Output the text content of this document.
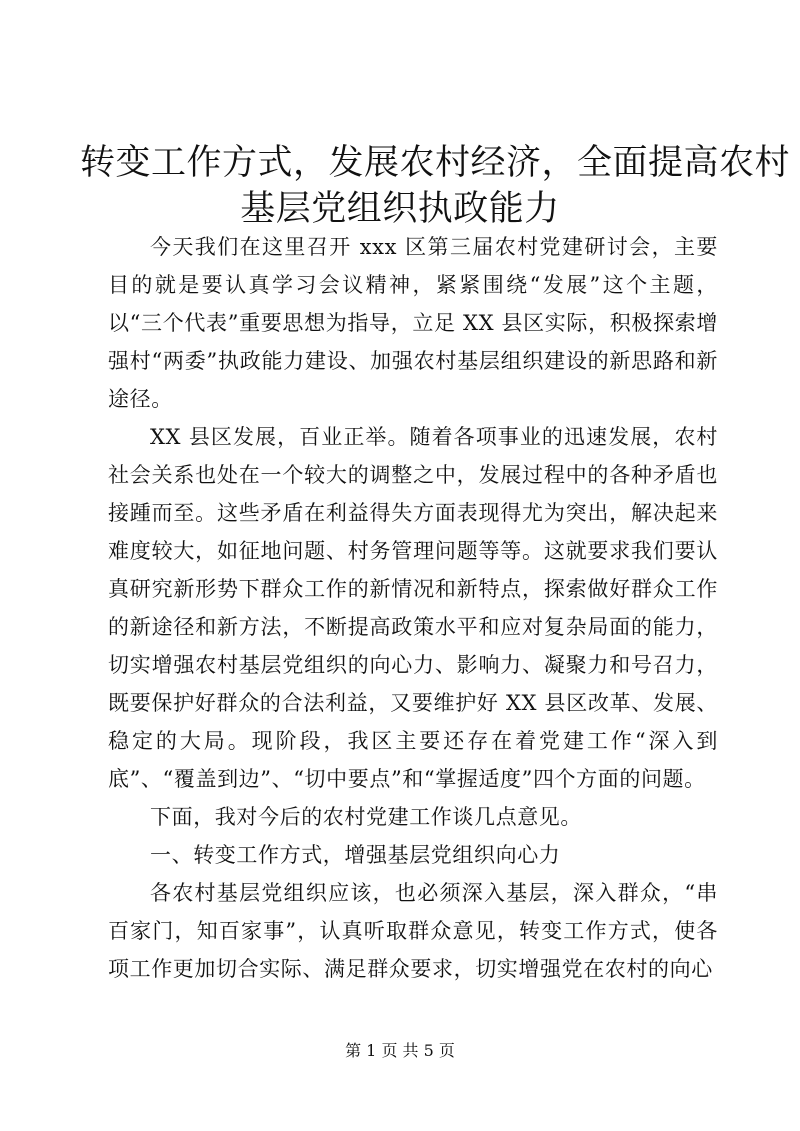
转变工作方式，发展农村经济，全面提高农村
基层党组织执政能力

今天我们在这里召开 xxx 区第三届农村党建研讨会，主要目的就是要认真学习会议精神，紧紧围绕“发展”这个主题，以“三个代表”重要思想为指导，立足 XX 县区实际，积极探索增强村“两委”执政能力建设、加强农村基层组织建设的新思路和新途径。

XX 县区发展，百业正举。随着各项事业的迅速发展，农村社会关系也处在一个较大的调整之中，发展过程中的各种矛盾也接踵而至。这些矛盾在利益得失方面表现得尤为突出，解决起来难度较大，如征地问题、村务管理问题等等。这就要求我们要认真研究新形势下群众工作的新情况和新特点，探索做好群众工作的新途径和新方法，不断提高政策水平和应对复杂局面的能力，切实增强农村基层党组织的向心力、影响力、凝聚力和号召力，既要保护好群众的合法利益，又要维护好 XX 县区改革、发展、稳定的大局。现阶段，我区主要还存在着党建工作“深入到底”、“覆盖到边”、“切中要点”和“掌握适度”四个方面的问题。

下面，我对今后的农村党建工作谈几点意见。

一、转变工作方式，增强基层党组织向心力

各农村基层党组织应该，也必须深入基层，深入群众，“串百家门，知百家事”，认真听取群众意见，转变工作方式，使各项工作更加切合实际、满足群众要求，切实增强党在农村的向心

第 1 页 共 5 页
